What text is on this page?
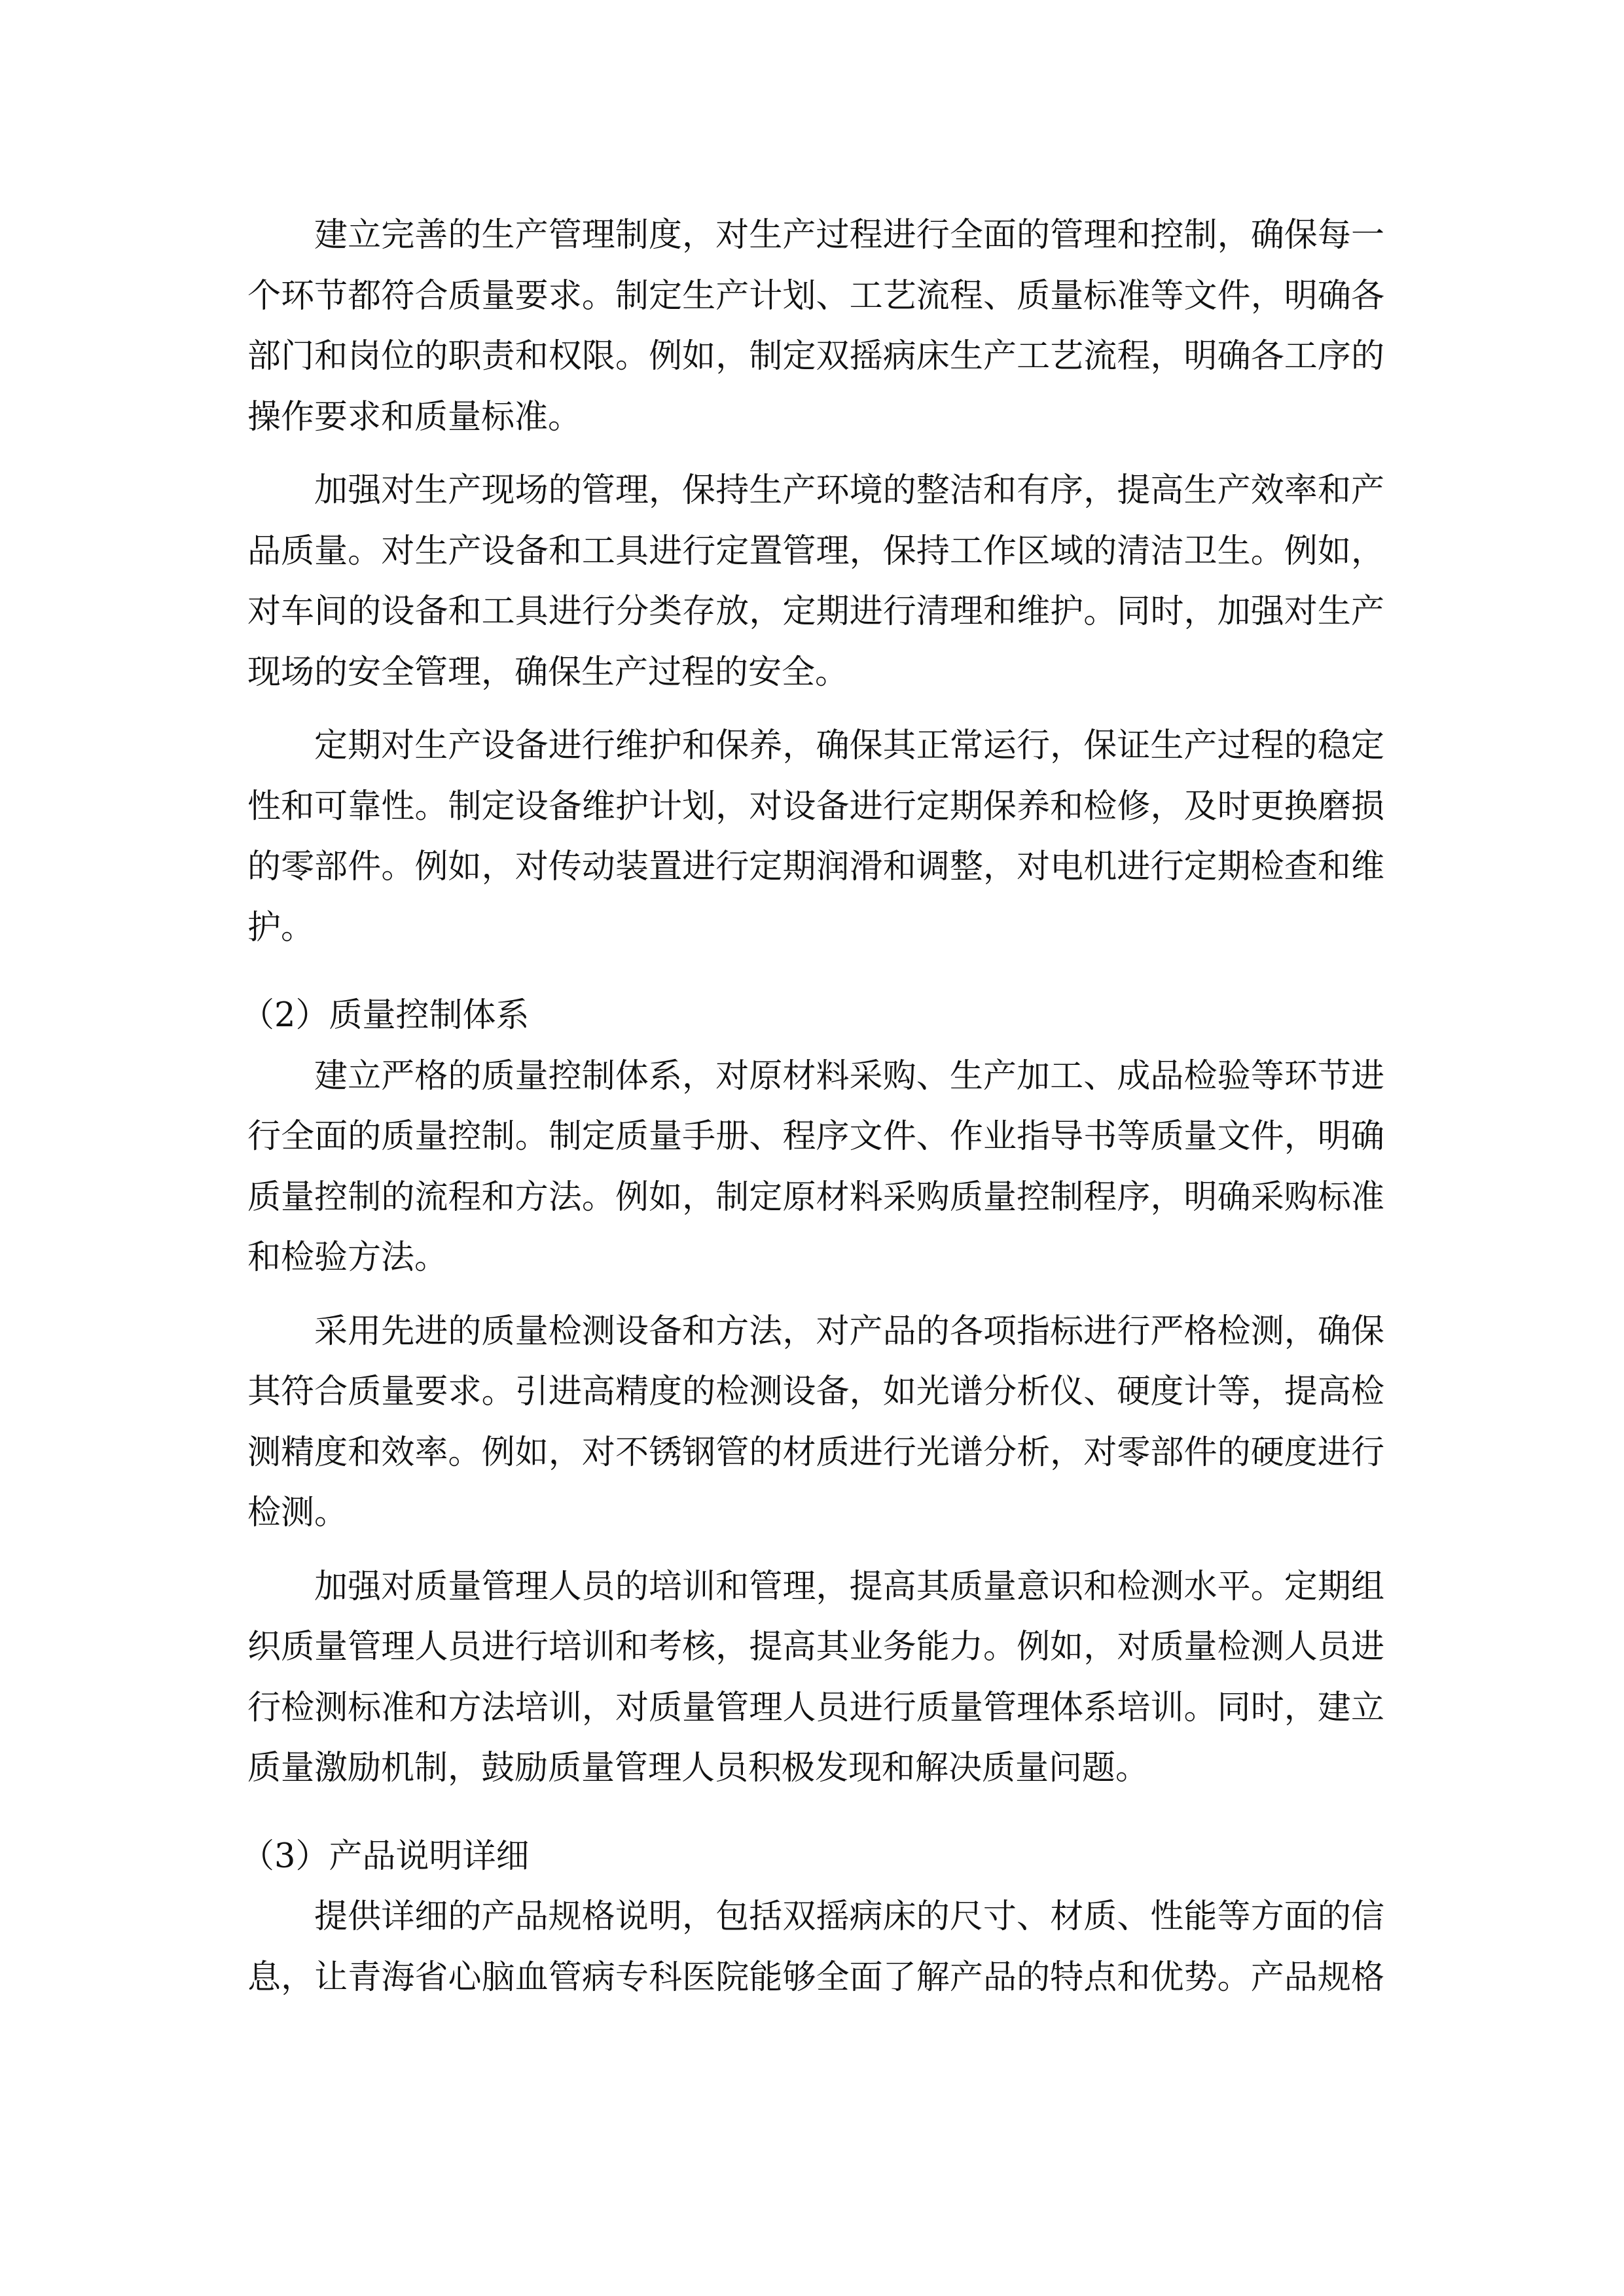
建立完善的生产管理制度，对生产过程进行全面的管理和控制，确保每一
个环节都符合质量要求。制定生产计划、工艺流程、质量标准等文件，明确各
部门和岗位的职责和权限。例如，制定双摇病床生产工艺流程，明确各工序的
操作要求和质量标准。
加强对生产现场的管理，保持生产环境的整洁和有序，提高生产效率和产
品质量。对生产设备和工具进行定置管理，保持工作区域的清洁卫生。例如，
对车间的设备和工具进行分类存放，定期进行清理和维护。同时，加强对生产
现场的安全管理，确保生产过程的安全。
定期对生产设备进行维护和保养，确保其正常运行，保证生产过程的稳定
性和可靠性。制定设备维护计划，对设备进行定期保养和检修，及时更换磨损
的零部件。例如，对传动装置进行定期润滑和调整，对电机进行定期检查和维
护。
（2）质量控制体系
建立严格的质量控制体系，对原材料采购、生产加工、成品检验等环节进
行全面的质量控制。制定质量手册、程序文件、作业指导书等质量文件，明确
质量控制的流程和方法。例如，制定原材料采购质量控制程序，明确采购标准
和检验方法。
采用先进的质量检测设备和方法，对产品的各项指标进行严格检测，确保
其符合质量要求。引进高精度的检测设备，如光谱分析仪、硬度计等，提高检
测精度和效率。例如，对不锈钢管的材质进行光谱分析，对零部件的硬度进行
检测。
加强对质量管理人员的培训和管理，提高其质量意识和检测水平。定期组
织质量管理人员进行培训和考核，提高其业务能力。例如，对质量检测人员进
行检测标准和方法培训，对质量管理人员进行质量管理体系培训。同时，建立
质量激励机制，鼓励质量管理人员积极发现和解决质量问题。
（3）产品说明详细
提供详细的产品规格说明，包括双摇病床的尺寸、材质、性能等方面的信
息，让青海省心脑血管病专科医院能够全面了解产品的特点和优势。产品规格
